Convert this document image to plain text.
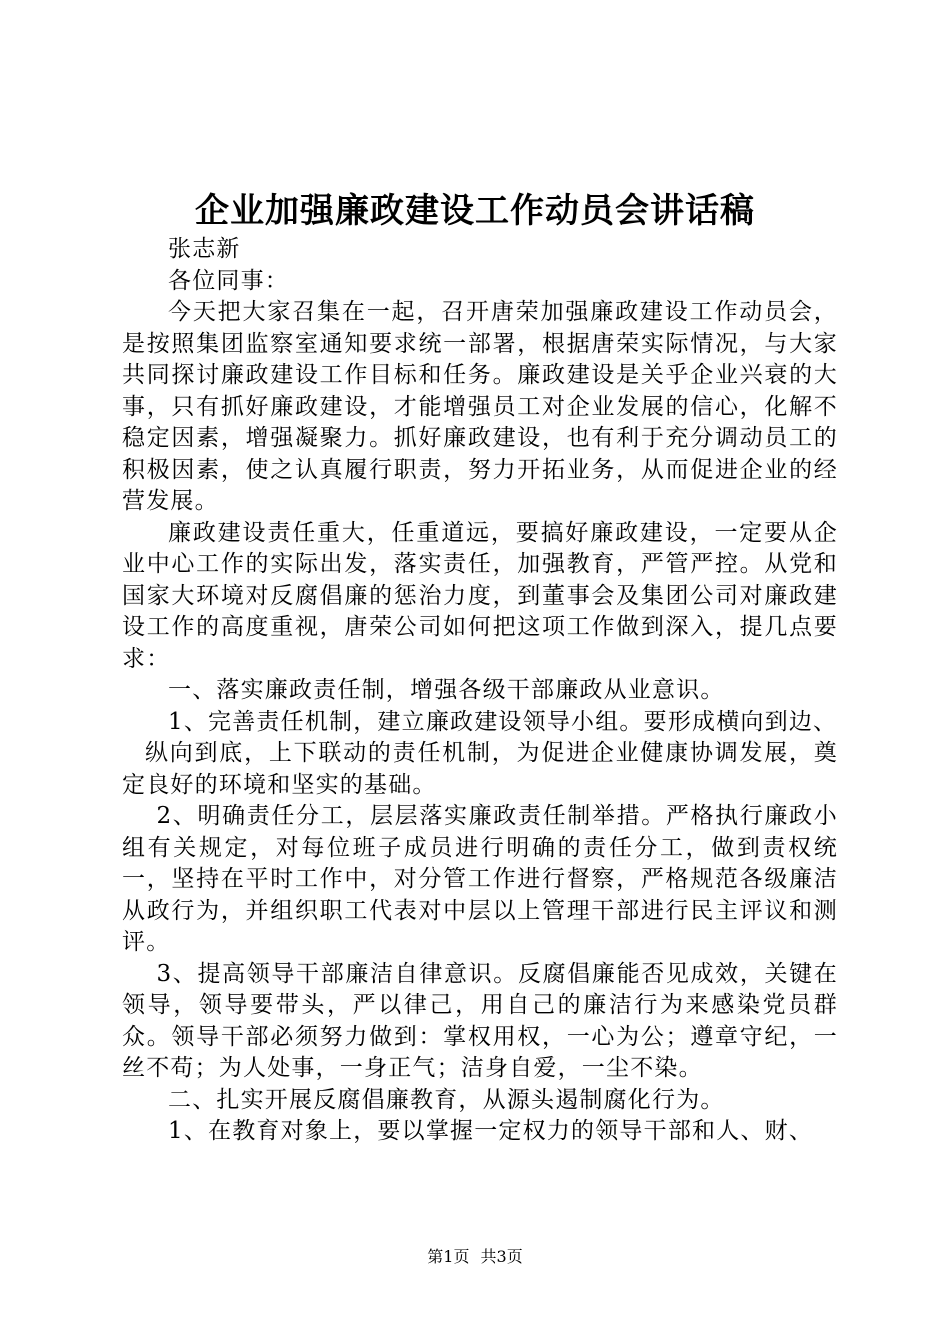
企业加强廉政建设工作动员会讲话稿

张志新

各位同事：

今天把大家召集在一起，召开唐荣加强廉政建设工作动员会，是按照集团监察室通知要求统一部署，根据唐荣实际情况，与大家共同探讨廉政建设工作目标和任务。廉政建设是关乎企业兴衰的大事，只有抓好廉政建设，才能增强员工对企业发展的信心，化解不稳定因素，增强凝聚力。抓好廉政建设，也有利于充分调动员工的积极因素，使之认真履行职责，努力开拓业务，从而促进企业的经营发展。

廉政建设责任重大，任重道远，要搞好廉政建设，一定要从企业中心工作的实际出发，落实责任，加强教育，严管严控。从党和国家大环境对反腐倡廉的惩治力度，到董事会及集团公司对廉政建设工作的高度重视，唐荣公司如何把这项工作做到深入，提几点要求：

一、落实廉政责任制，增强各级干部廉政从业意识。

1、完善责任机制，建立廉政建设领导小组。要形成横向到边、

纵向到底，上下联动的责任机制，为促进企业健康协调发展，奠定良好的环境和坚实的基础。

2、明确责任分工，层层落实廉政责任制举措。严格执行廉政小组有关规定，对每位班子成员进行明确的责任分工，做到责权统一，坚持在平时工作中，对分管工作进行督察，严格规范各级廉洁从政行为，并组织职工代表对中层以上管理干部进行民主评议和测评。

3、提高领导干部廉洁自律意识。反腐倡廉能否见成效，关键在领导，领导要带头，严以律己，用自己的廉洁行为来感染党员群众。领导干部必须努力做到：掌权用权，一心为公；遵章守纪，一丝不苟；为人处事，一身正气；洁身自爱，一尘不染。

二、扎实开展反腐倡廉教育，从源头遏制腐化行为。

1、在教育对象上，要以掌握一定权力的领导干部和人、财、

第1页 共3页
